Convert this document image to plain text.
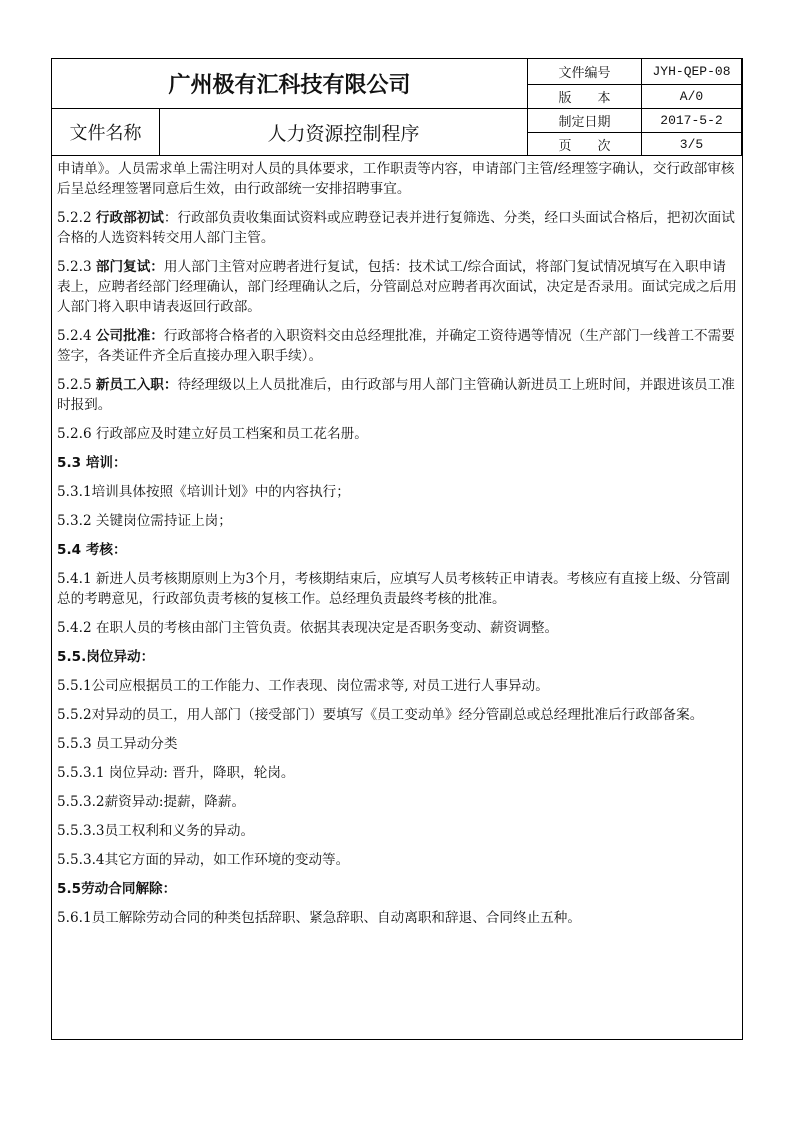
广州极有汇科技有限公司		文件编号	JYH-QEP-08
		版　　本	A/0
文件名称	人力资源控制程序	制定日期	2017-5-2
		页　　次	3/5

申请单》。人员需求单上需注明对人员的具体要求，工作职责等内容，申请部门主管/经理签字确认，交行政部审核后呈总经理签署同意后生效，由行政部统一安排招聘事宜。

5.2.2 行政部初试：行政部负责收集面试资料或应聘登记表并进行复筛选、分类，经口头面试合格后，把初次面试合格的人选资料转交用人部门主管。

5.2.3 部门复试：用人部门主管对应聘者进行复试，包括：技术试工/综合面试，将部门复试情况填写在入职申请表上，应聘者经部门经理确认，部门经理确认之后，分管副总对应聘者再次面试，决定是否录用。面试完成之后用人部门将入职申请表返回行政部。

5.2.4 公司批准：行政部将合格者的入职资料交由总经理批准，并确定工资待遇等情况（生产部门一线普工不需要签字，各类证件齐全后直接办理入职手续）。

5.2.5 新员工入职：待经理级以上人员批准后，由行政部与用人部门主管确认新进员工上班时间，并跟进该员工准时报到。

5.2.6 行政部应及时建立好员工档案和员工花名册。

5.3 培训：

5.3.1培训具体按照《培训计划》中的内容执行；

5.3.2 关键岗位需持证上岗；

5.4 考核：

5.4.1 新进人员考核期原则上为3个月，考核期结束后，应填写人员考核转正申请表。考核应有直接上级、分管副总的考聘意见，行政部负责考核的复核工作。总经理负责最终考核的批准。

5.4.2 在职人员的考核由部门主管负责。依据其表现决定是否职务变动、薪资调整。

5.5.岗位异动：

5.5.1公司应根据员工的工作能力、工作表现、岗位需求等, 对员工进行人事异动。

5.5.2对异动的员工，用人部门（接受部门）要填写《员工变动单》经分管副总或总经理批准后行政部备案。

5.5.3 员工异动分类

5.5.3.1 岗位异动: 晋升，降职，轮岗。

5.5.3.2薪资异动:提薪，降薪。

5.5.3.3员工权利和义务的异动。

5.5.3.4其它方面的异动，如工作环境的变动等。

5.5劳动合同解除：

5.6.1员工解除劳动合同的种类包括辞职、紧急辞职、自动离职和辞退、合同终止五种。
